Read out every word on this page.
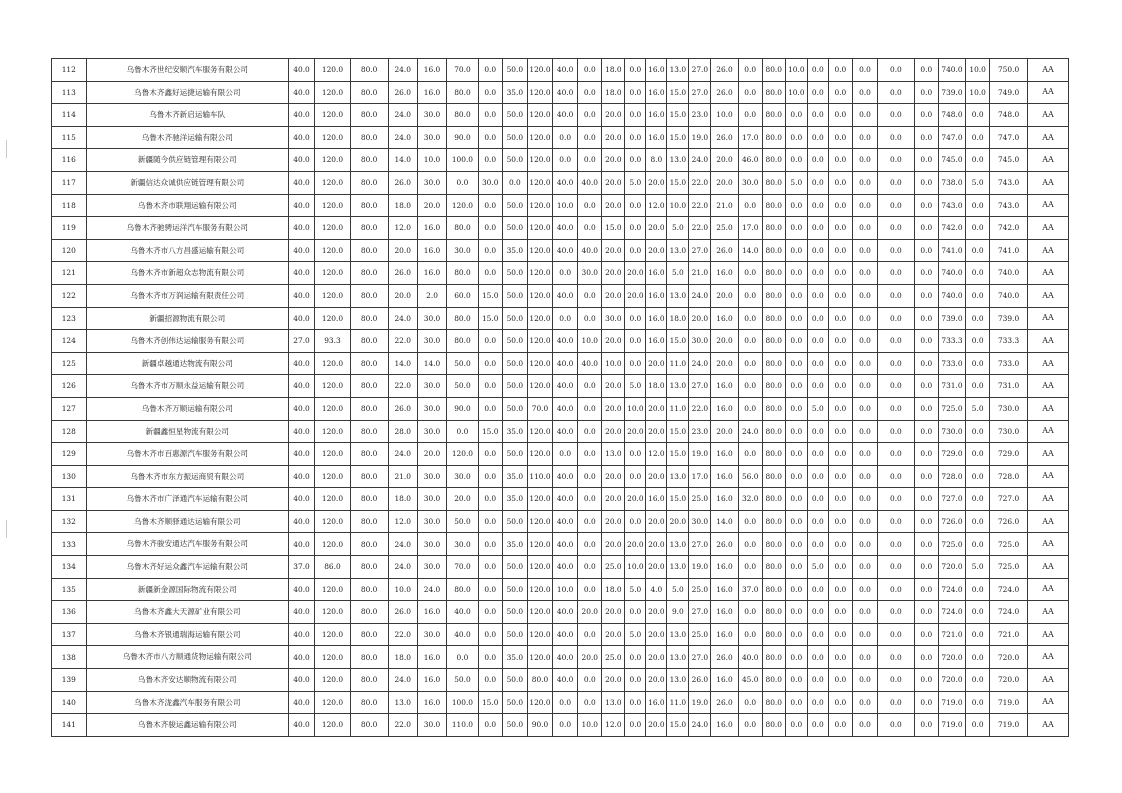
112	乌鲁木齐世纪安顺汽车服务有限公司	40.0	120.0	80.0	24.0	16.0	70.0	0.0	50.0	120.0	40.0	0.0	18.0	0.0	16.0	13.0	27.0	26.0	0.0	80.0	10.0	0.0	0.0	0.0	0.0	0.0	740.0	10.0	750.0	AA
113	乌鲁木齐鑫好运捷运输有限公司	40.0	120.0	80.0	26.0	16.0	80.0	0.0	35.0	120.0	40.0	0.0	18.0	0.0	16.0	15.0	27.0	26.0	0.0	80.0	10.0	0.0	0.0	0.0	0.0	0.0	739.0	10.0	749.0	AA
114	乌鲁木齐新启运输车队	40.0	120.0	80.0	24.0	30.0	80.0	0.0	50.0	120.0	40.0	0.0	20.0	0.0	16.0	15.0	23.0	10.0	0.0	80.0	0.0	0.0	0.0	0.0	0.0	0.0	748.0	0.0	748.0	AA
115	乌鲁木齐驰洋运输有限公司	40.0	120.0	80.0	24.0	30.0	90.0	0.0	50.0	120.0	0.0	0.0	20.0	0.0	16.0	15.0	19.0	26.0	17.0	80.0	0.0	0.0	0.0	0.0	0.0	0.0	747.0	0.0	747.0	AA
116	新疆随今供应链管理有限公司	40.0	120.0	80.0	14.0	10.0	100.0	0.0	50.0	120.0	0.0	0.0	20.0	0.0	8.0	13.0	24.0	20.0	46.0	80.0	0.0	0.0	0.0	0.0	0.0	0.0	745.0	0.0	745.0	AA
117	新疆信达众诚供应链管理有限公司	40.0	120.0	80.0	26.0	30.0	0.0	30.0	0.0	120.0	40.0	40.0	20.0	5.0	20.0	15.0	22.0	20.0	30.0	80.0	5.0	0.0	0.0	0.0	0.0	0.0	738.0	5.0	743.0	AA
118	乌鲁木齐市联翔运输有限公司	40.0	120.0	80.0	18.0	20.0	120.0	0.0	50.0	120.0	10.0	0.0	20.0	0.0	12.0	10.0	22.0	21.0	0.0	80.0	0.0	0.0	0.0	0.0	0.0	0.0	743.0	0.0	743.0	AA
119	乌鲁木齐驰骋运洋汽车服务有限公司	40.0	120.0	80.0	12.0	16.0	80.0	0.0	50.0	120.0	40.0	0.0	15.0	0.0	20.0	5.0	22.0	25.0	17.0	80.0	0.0	0.0	0.0	0.0	0.0	0.0	742.0	0.0	742.0	AA
120	乌鲁木齐市八方昌盛运输有限公司	40.0	120.0	80.0	20.0	16.0	30.0	0.0	35.0	120.0	40.0	40.0	20.0	0.0	20.0	13.0	27.0	26.0	14.0	80.0	0.0	0.0	0.0	0.0	0.0	0.0	741.0	0.0	741.0	AA
121	乌鲁木齐市新超众志物流有限公司	40.0	120.0	80.0	26.0	16.0	80.0	0.0	50.0	120.0	0.0	30.0	20.0	20.0	16.0	5.0	21.0	16.0	0.0	80.0	0.0	0.0	0.0	0.0	0.0	0.0	740.0	0.0	740.0	AA
122	乌鲁木齐市万润运输有限责任公司	40.0	120.0	80.0	20.0	2.0	60.0	15.0	50.0	120.0	40.0	0.0	20.0	20.0	16.0	13.0	24.0	20.0	0.0	80.0	0.0	0.0	0.0	0.0	0.0	0.0	740.0	0.0	740.0	AA
123	新疆招源物流有限公司	40.0	120.0	80.0	24.0	30.0	80.0	15.0	50.0	120.0	0.0	0.0	30.0	0.0	16.0	18.0	20.0	16.0	0.0	80.0	0.0	0.0	0.0	0.0	0.0	0.0	739.0	0.0	739.0	AA
124	乌鲁木齐创伟达运输服务有限公司	27.0	93.3	80.0	22.0	30.0	80.0	0.0	50.0	120.0	40.0	10.0	20.0	0.0	16.0	15.0	30.0	20.0	0.0	80.0	0.0	0.0	0.0	0.0	0.0	0.0	733.3	0.0	733.3	AA
125	新疆卓越通达物流有限公司	40.0	120.0	80.0	14.0	14.0	50.0	0.0	50.0	120.0	40.0	40.0	10.0	0.0	20.0	11.0	24.0	20.0	0.0	80.0	0.0	0.0	0.0	0.0	0.0	0.0	733.0	0.0	733.0	AA
126	乌鲁木齐市万顺永益运输有限公司	40.0	120.0	80.0	22.0	30.0	50.0	0.0	50.0	120.0	40.0	0.0	20.0	5.0	18.0	13.0	27.0	16.0	0.0	80.0	0.0	0.0	0.0	0.0	0.0	0.0	731.0	0.0	731.0	AA
127	乌鲁木齐万顺运输有限公司	40.0	120.0	80.0	26.0	30.0	90.0	0.0	50.0	70.0	40.0	0.0	20.0	10.0	20.0	11.0	22.0	16.0	0.0	80.0	0.0	5.0	0.0	0.0	0.0	0.0	725.0	5.0	730.0	AA
128	新疆鑫恒星物流有限公司	40.0	120.0	80.0	28.0	30.0	0.0	15.0	35.0	120.0	40.0	0.0	20.0	20.0	20.0	15.0	23.0	20.0	24.0	80.0	0.0	0.0	0.0	0.0	0.0	0.0	730.0	0.0	730.0	AA
129	乌鲁木齐市百惠源汽车服务有限公司	40.0	120.0	80.0	24.0	20.0	120.0	0.0	50.0	120.0	0.0	0.0	13.0	0.0	12.0	15.0	19.0	16.0	0.0	80.0	0.0	0.0	0.0	0.0	0.0	0.0	729.0	0.0	729.0	AA
130	乌鲁木齐市东方振运商贸有限公司	40.0	120.0	80.0	21.0	30.0	30.0	0.0	35.0	110.0	40.0	0.0	20.0	0.0	20.0	13.0	17.0	16.0	56.0	80.0	0.0	0.0	0.0	0.0	0.0	0.0	728.0	0.0	728.0	AA
131	乌鲁木齐市广泽通汽车运输有限公司	40.0	120.0	80.0	18.0	30.0	20.0	0.0	35.0	120.0	40.0	0.0	20.0	20.0	16.0	15.0	25.0	16.0	32.0	80.0	0.0	0.0	0.0	0.0	0.0	0.0	727.0	0.0	727.0	AA
132	乌鲁木齐顺驿通达运输有限公司	40.0	120.0	80.0	12.0	30.0	50.0	0.0	50.0	120.0	40.0	0.0	20.0	0.0	20.0	20.0	30.0	14.0	0.0	80.0	0.0	0.0	0.0	0.0	0.0	0.0	726.0	0.0	726.0	AA
133	乌鲁木齐骏安通达汽车服务有限公司	40.0	120.0	80.0	24.0	30.0	30.0	0.0	35.0	120.0	40.0	0.0	20.0	20.0	20.0	13.0	27.0	26.0	0.0	80.0	0.0	0.0	0.0	0.0	0.0	0.0	725.0	0.0	725.0	AA
134	乌鲁木齐好运众鑫汽车运输有限公司	37.0	86.0	80.0	24.0	30.0	70.0	0.0	50.0	120.0	40.0	0.0	25.0	10.0	20.0	13.0	19.0	16.0	0.0	80.0	0.0	5.0	0.0	0.0	0.0	0.0	720.0	5.0	725.0	AA
135	新疆新金源国际物流有限公司	40.0	120.0	80.0	10.0	24.0	80.0	0.0	50.0	120.0	10.0	0.0	18.0	5.0	4.0	5.0	25.0	16.0	37.0	80.0	0.0	0.0	0.0	0.0	0.0	0.0	724.0	0.0	724.0	AA
136	乌鲁木齐鑫大天源矿业有限公司	40.0	120.0	80.0	26.0	16.0	40.0	0.0	50.0	120.0	40.0	20.0	20.0	0.0	20.0	9.0	27.0	16.0	0.0	80.0	0.0	0.0	0.0	0.0	0.0	0.0	724.0	0.0	724.0	AA
137	乌鲁木齐银通瑞海运输有限公司	40.0	120.0	80.0	22.0	30.0	40.0	0.0	50.0	120.0	40.0	0.0	20.0	5.0	20.0	13.0	25.0	16.0	0.0	80.0	0.0	0.0	0.0	0.0	0.0	0.0	721.0	0.0	721.0	AA
138	乌鲁木齐市八方顺通货物运输有限公司	40.0	120.0	80.0	18.0	16.0	0.0	0.0	35.0	120.0	40.0	20.0	25.0	0.0	20.0	13.0	27.0	26.0	40.0	80.0	0.0	0.0	0.0	0.0	0.0	0.0	720.0	0.0	720.0	AA
139	乌鲁木齐安达顺物流有限公司	40.0	120.0	80.0	24.0	16.0	50.0	0.0	50.0	80.0	40.0	0.0	20.0	0.0	20.0	13.0	26.0	16.0	45.0	80.0	0.0	0.0	0.0	0.0	0.0	0.0	720.0	0.0	720.0	AA
140	乌鲁木齐泷鑫汽车服务有限公司	40.0	120.0	80.0	13.0	16.0	100.0	15.0	50.0	120.0	0.0	0.0	13.0	0.0	16.0	11.0	19.0	26.0	0.0	80.0	0.0	0.0	0.0	0.0	0.0	0.0	719.0	0.0	719.0	AA
141	乌鲁木齐骏运鑫运输有限公司	40.0	120.0	80.0	22.0	30.0	110.0	0.0	50.0	90.0	0.0	10.0	12.0	0.0	20.0	15.0	24.0	16.0	0.0	80.0	0.0	0.0	0.0	0.0	0.0	0.0	719.0	0.0	719.0	AA
